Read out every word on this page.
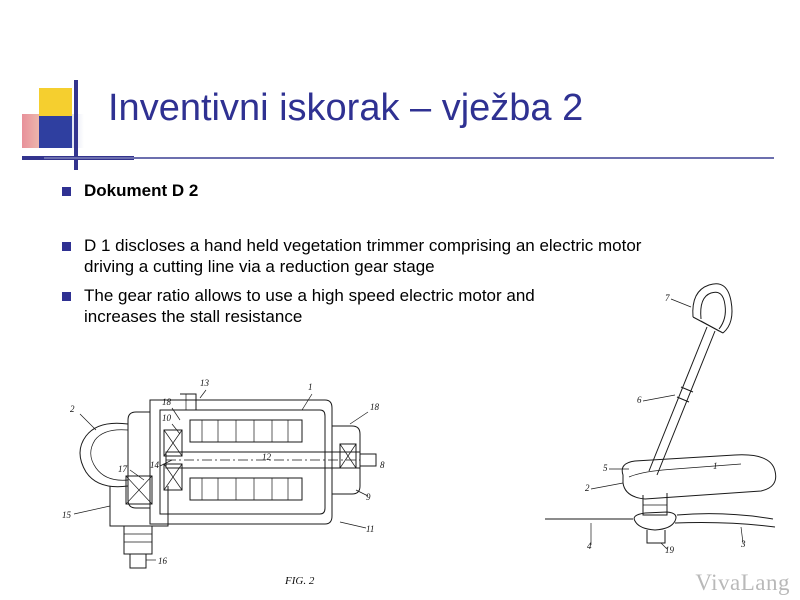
Inventivni iskorak – vježba 2
Dokument D 2
D 1 discloses a hand held vegetation trimmer comprising an electric motor driving a cutting line via a reduction gear stage
The gear ratio allows to use a high speed electric motor and increases the stall resistance
1
2
13
18
10
18
12
14
17
15
16
8
9
11
FIG. 2
7
6
5
2
1
4	19
3
VivaLang
